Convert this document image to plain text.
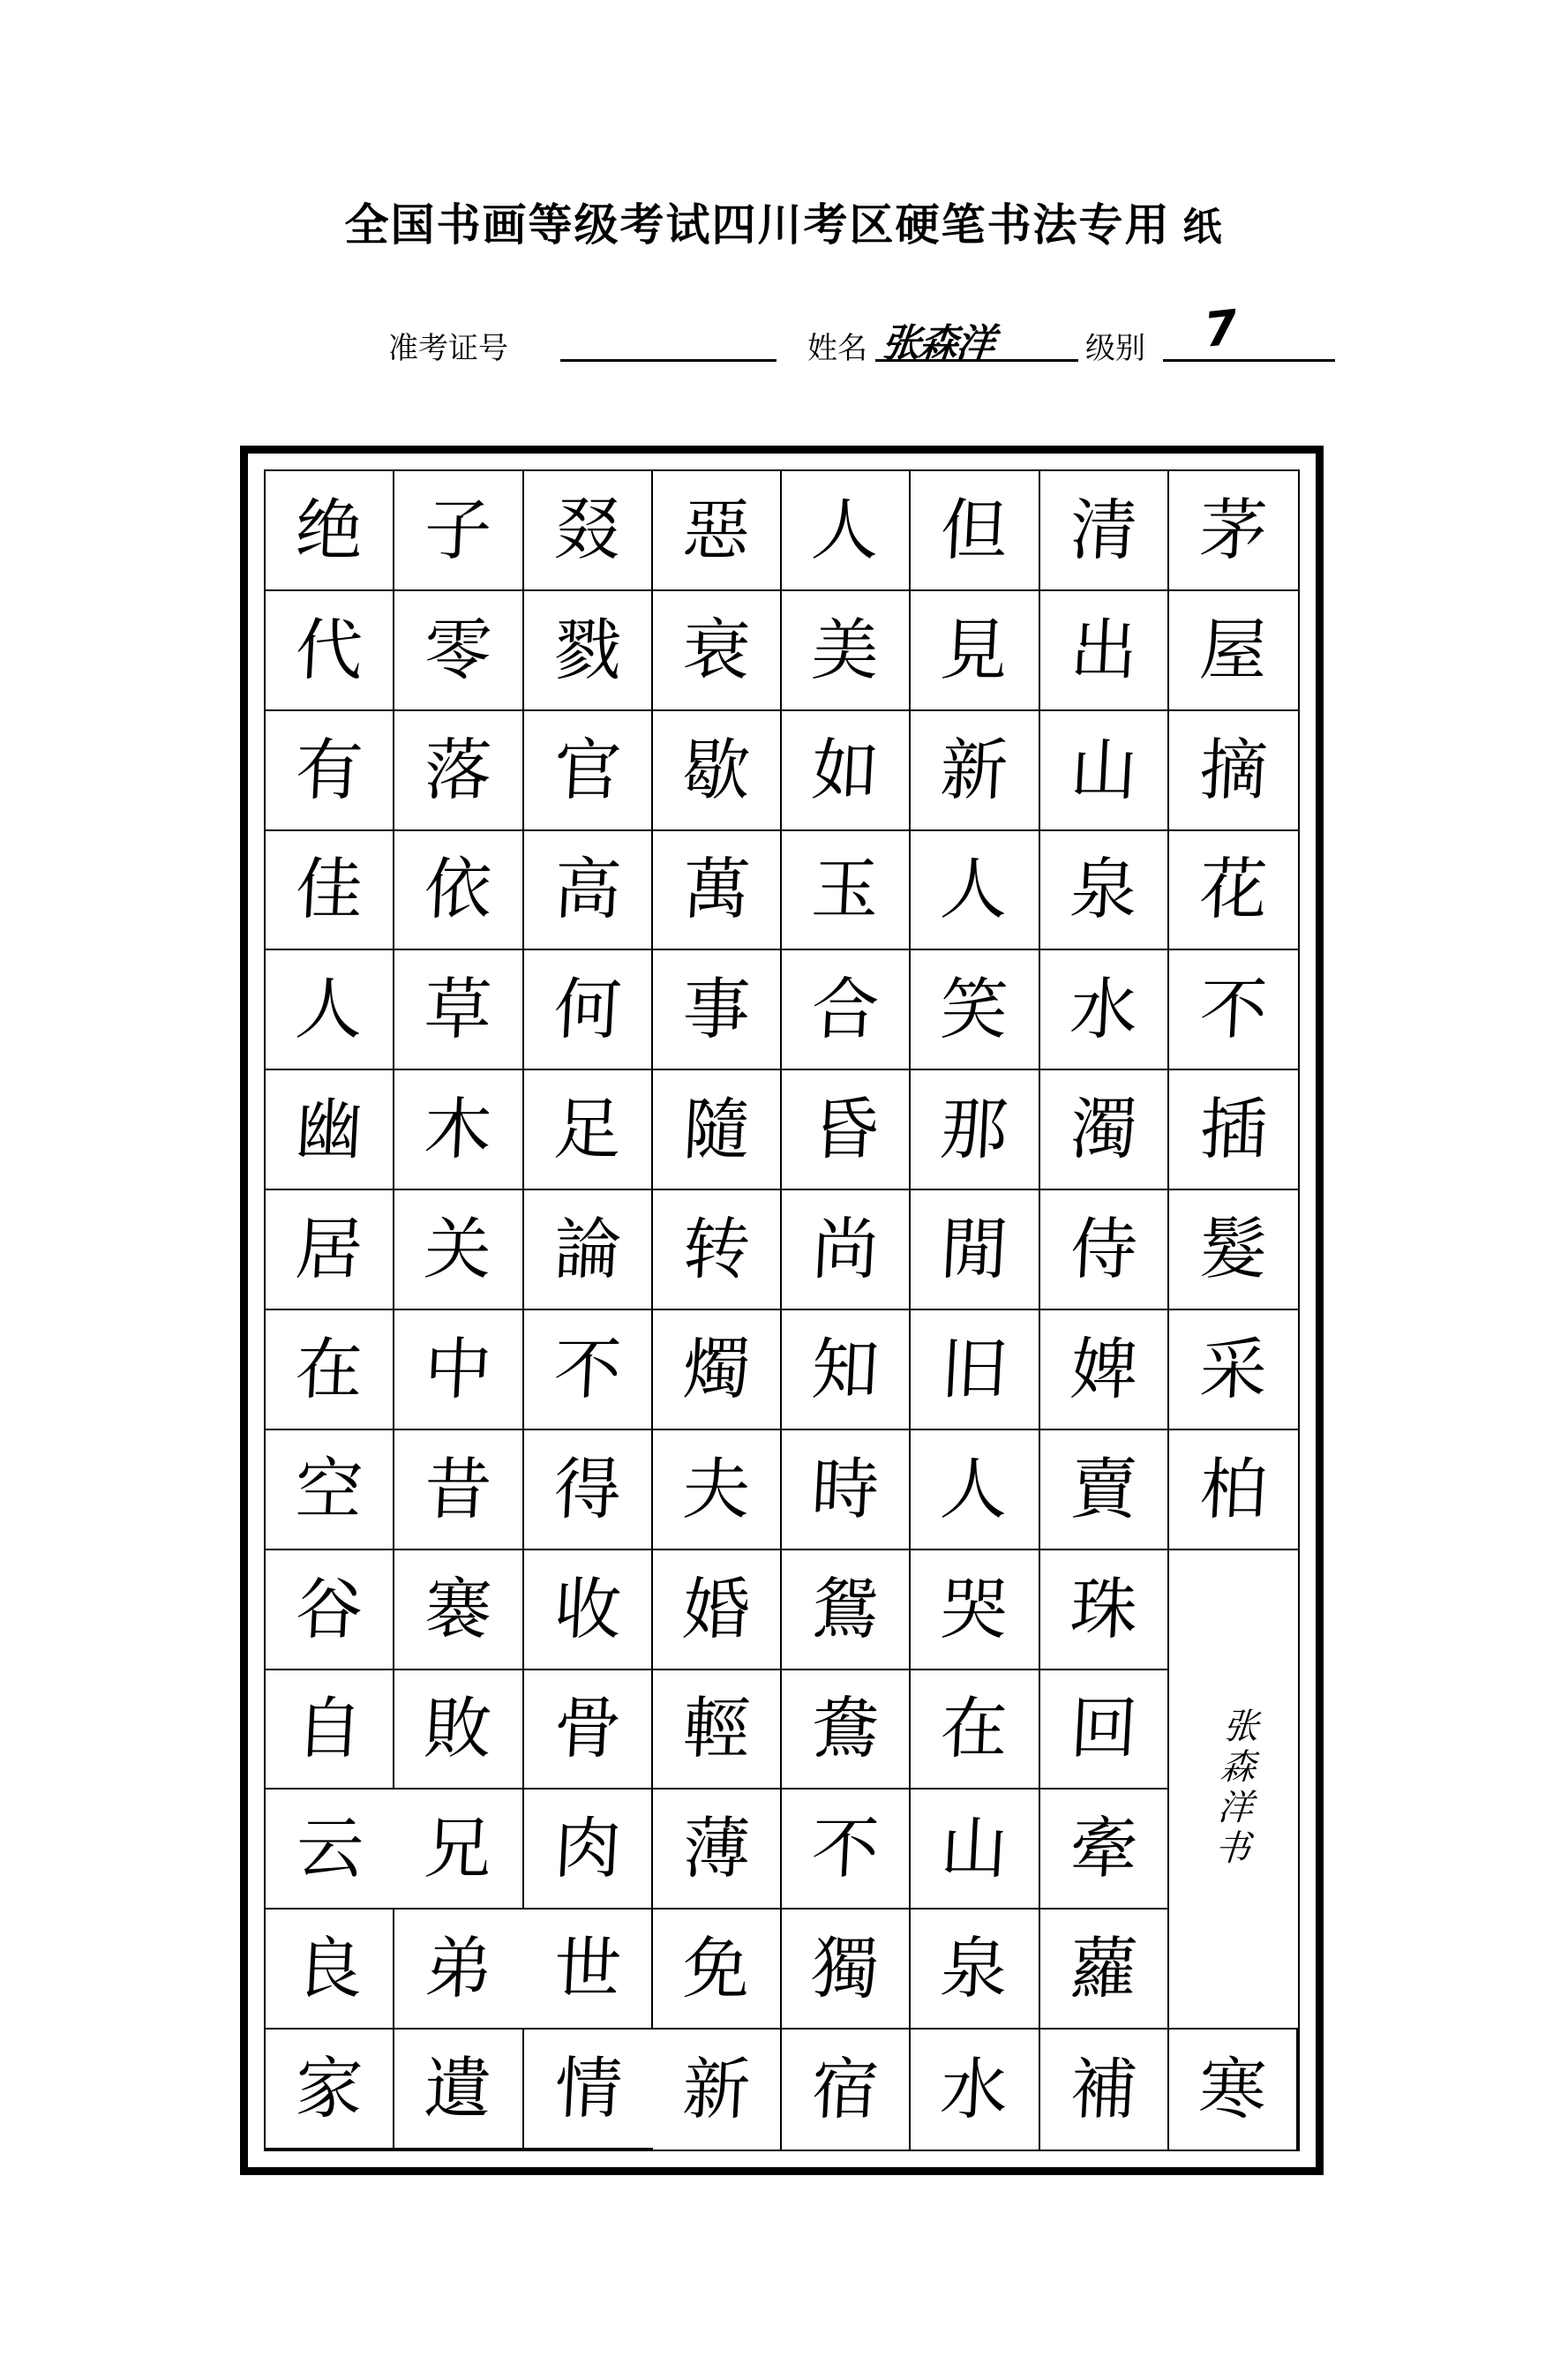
全国书画等级考试四川考区硬笔书法专用 纸
准考证号	姓名 张森洋	级别 7
绝 子 叕 惡 人 但 清 茅
代 零 戮 衰 美 見 出 屋
有 落 官 歇 如 新 山 摘
佳 依 高 萬 玉 人 泉 花
人 草 何 事 合 笑 水 不
幽 木 足 隨 昏 那 濁 插
居 关 論 转 尚 閒 侍 髮
在 中 不 燭 知 旧 婢 采
空 昔 得 夫 時 人 賣 柏
谷 褰 收 婚 鴛 哭 珠
张森洋书
自 敗 骨 輕 鴦 在 回
云 兄 肉 薄 不 山 牽
良 弟 世 免 獨 泉 蘿
家 遺 情 新 宿 水 補 寒
